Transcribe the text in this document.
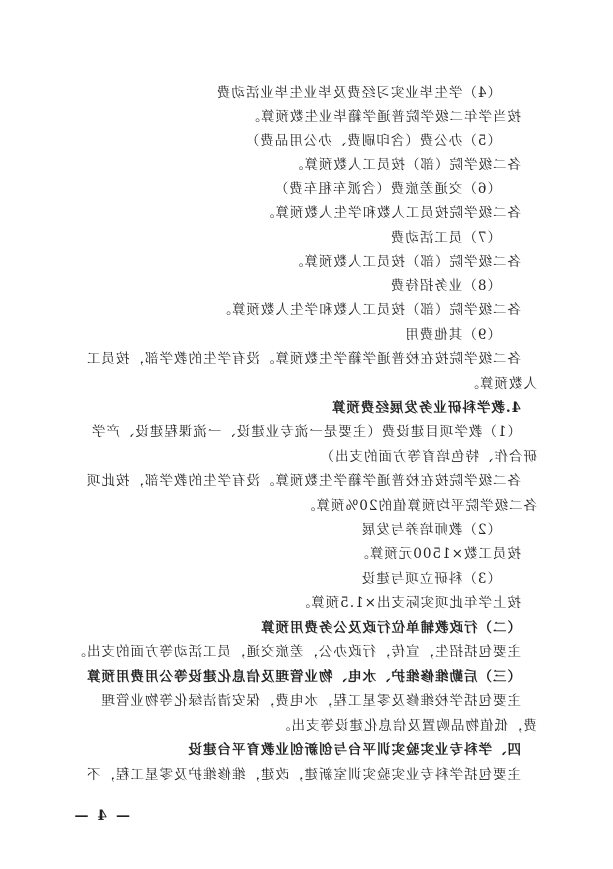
（4）学生毕业实习经费及毕业生毕业活动费
按当学年二级学院普通学籍毕业生数预算。
（5）办公费（含印刷费、办公用品费）
各二级学院（部）按员工人数预算。
（6）交通差旅费（含派车租车费）
各二级学院按员工人数和学生人数预算。
（7）员工活动费
各二级学院（部）按员工人数预算。
（8）业务招待费
各二级学院（部）按员工人数和学生人数预算。
（9）其他费用
各二级学院按在校普通学籍学生数预算。没有学生的教学部，按员工
人数预算。
4.教学科研业务发展经费预算
（1）教学项目建设费（主要是一流专业建设、一流课程建设、产学
研合作、特色培育等方面的支出）
各二级学院按在校普通学籍学生数预算。没有学生的教学部，按此项
各二级学院平均预算值的20%预算。
（2）教师培养与发展
按员工数×1500元预算。
（3）科研立项与建设
按上学年此项实际支出×1.5预算。
（二）行政教辅单位行政及公务费用预算
主要包括招生，宣传，行政办公，差旅交通，员工活动等方面的支出。
（三）后勤维修维护、水电、物业管理及信息化建设等公用费用预算
主要包括学校维修及零星工程，水电费，保安清洁绿化等物业管理
费，低值物品购置及信息化建设等支出。
四、学科专业实验实训平台与创新创业教育平台建设
主要包括学科专业实验实训室新建，改建，维修维护及零星工程，不
— 4 —
